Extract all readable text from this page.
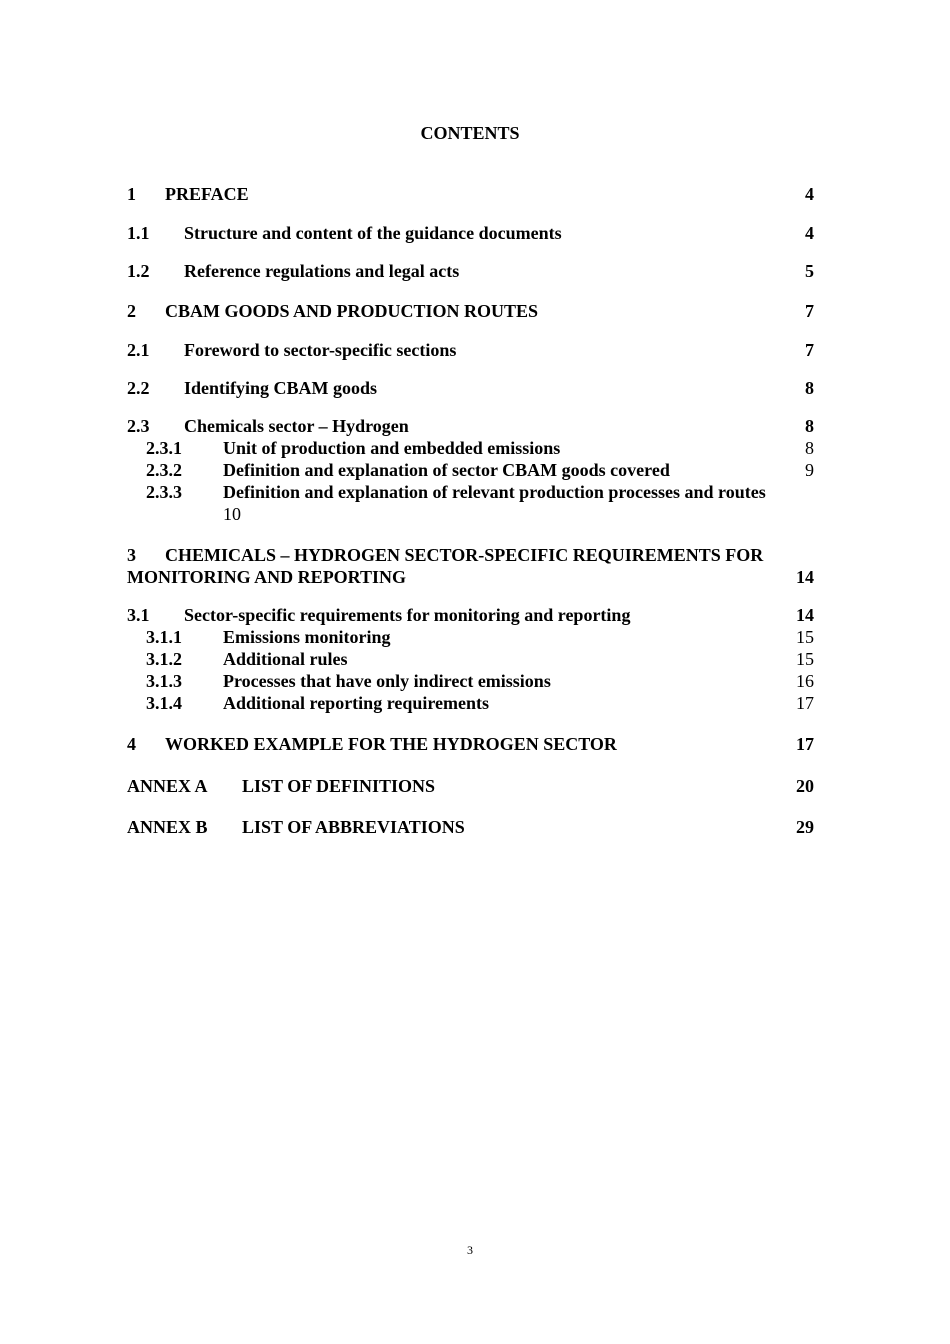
CONTENTS
1 PREFACE	4
1.1 Structure and content of the guidance documents	4
1.2 Reference regulations and legal acts	5
2 CBAM GOODS AND PRODUCTION ROUTES	7
2.1 Foreword to sector-specific sections	7
2.2 Identifying CBAM goods	8
2.3 Chemicals sector – Hydrogen	8
2.3.1 Unit of production and embedded emissions	8
2.3.2 Definition and explanation of sector CBAM goods covered	9
2.3.3 Definition and explanation of relevant production processes and routes
10
3 CHEMICALS – HYDROGEN SECTOR-SPECIFIC REQUIREMENTS FOR
MONITORING AND REPORTING	14
3.1 Sector-specific requirements for monitoring and reporting	14
3.1.1 Emissions monitoring	15
3.1.2 Additional rules	15
3.1.3 Processes that have only indirect emissions	16
3.1.4 Additional reporting requirements	17
4 WORKED EXAMPLE FOR THE HYDROGEN SECTOR	17
ANNEX A LIST OF DEFINITIONS	20
ANNEX B LIST OF ABBREVIATIONS	29
3
